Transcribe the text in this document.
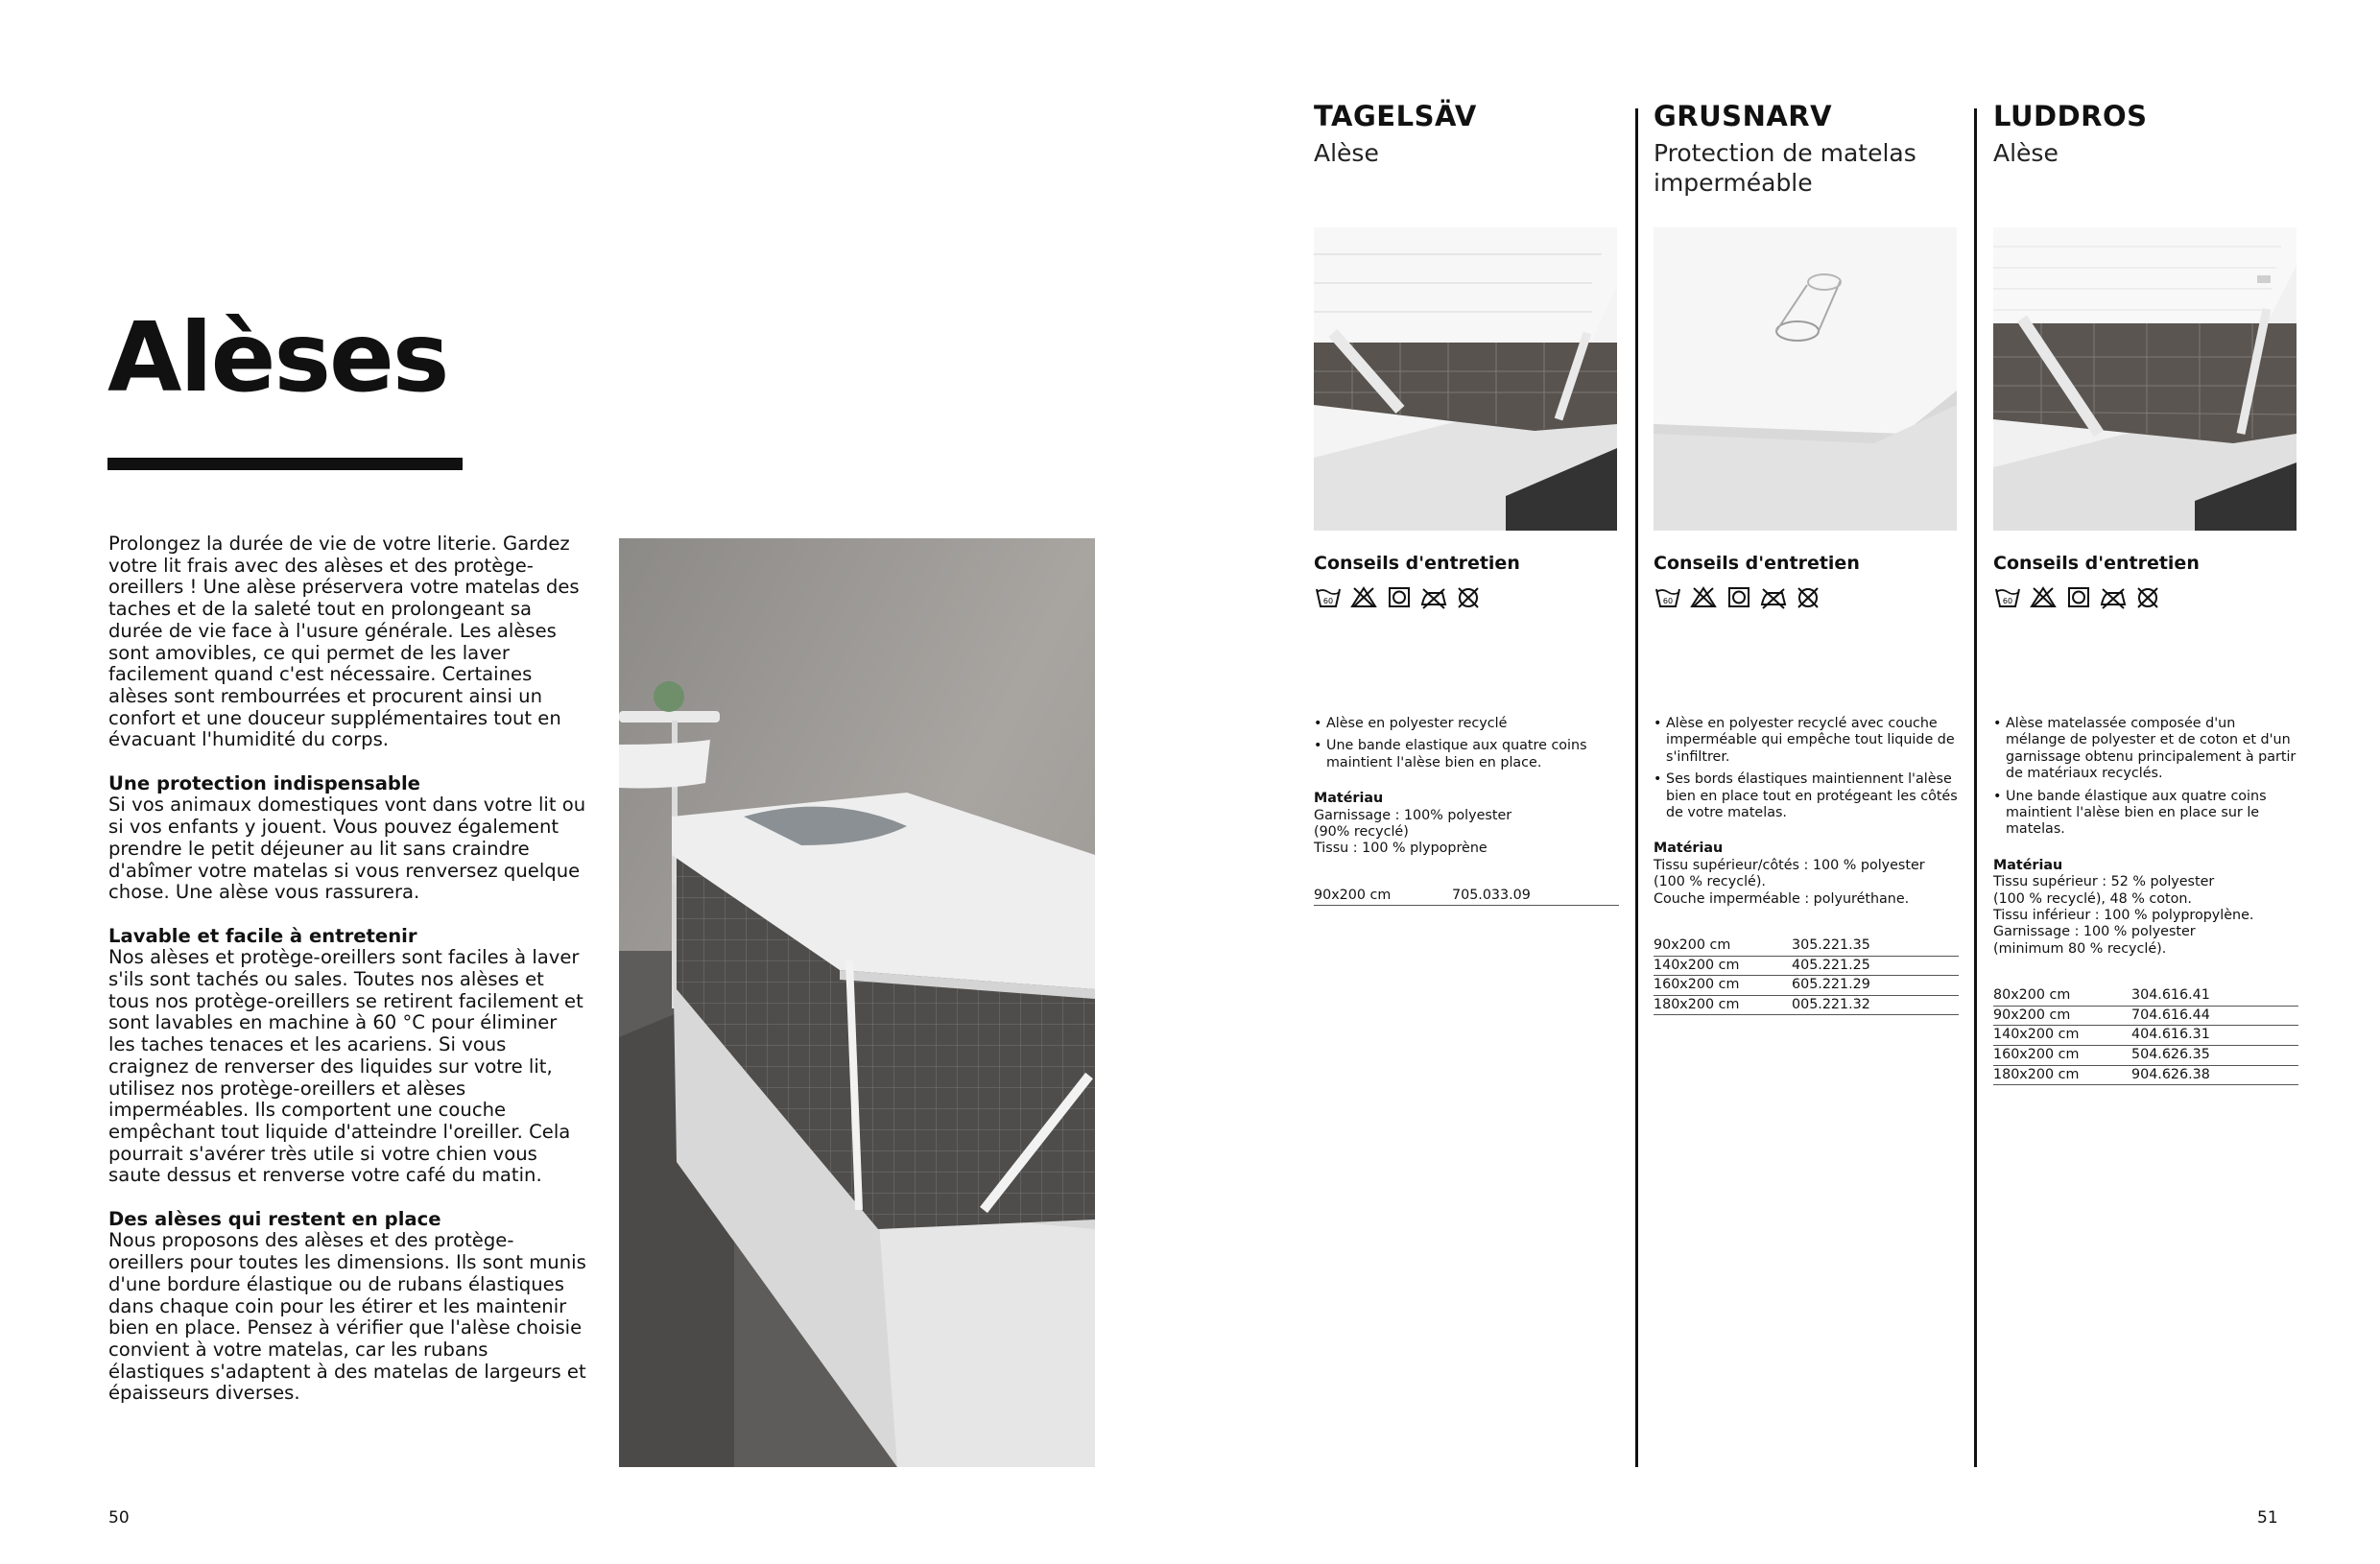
Alèses

Prolongez la durée de vie de votre literie. Gardez votre lit frais avec des alèses et des protège-oreillers ! Une alèse préservera votre matelas des taches et de la saleté tout en prolongeant sa durée de vie face à l'usure générale. Les alèses sont amovibles, ce qui permet de les laver facilement quand c'est nécessaire. Certaines alèses sont rembourrées et procurent ainsi un confort et une douceur supplémentaires tout en évacuant l'humidité du corps.

Une protection indispensable
Si vos animaux domestiques vont dans votre lit ou si vos enfants y jouent. Vous pouvez également prendre le petit déjeuner au lit sans craindre d'abîmer votre matelas si vous renversez quelque chose. Une alèse vous rassurera.

Lavable et facile à entretenir
Nos alèses et protège-oreillers sont faciles à laver s'ils sont tachés ou sales. Toutes nos alèses et tous nos protège-oreillers se retirent facilement et sont lavables en machine à 60 °C pour éliminer les taches tenaces et les acariens. Si vous craignez de renverser des liquides sur votre lit, utilisez nos protège-oreillers et alèses imperméables. Ils comportent une couche empêchant tout liquide d'atteindre l'oreiller. Cela pourrait s'avérer très utile si votre chien vous saute dessus et renverse votre café du matin.

Des alèses qui restent en place
Nous proposons des alèses et des protège-oreillers pour toutes les dimensions. Ils sont munis d'une bordure élastique ou de rubans élastiques dans chaque coin pour les étirer et les maintenir bien en place. Pensez à vérifier que l'alèse choisie convient à votre matelas, car les rubans élastiques s'adaptent à des matelas de largeurs et épaisseurs diverses.

50
TAGELSÄV
Alèse
Conseils d'entretien
60
• Alèse en polyester recyclé
• Une bande elastique aux quatre coins maintient l'alèse bien en place.
Matériau
Garnissage : 100% polyester
(90% recyclé)
Tissu : 100 % plypoprène
90x200 cm	705.033.09
GRUSNARV
Protection de matelas imperméable
Conseils d'entretien
60
• Alèse en polyester recyclé avec couche imperméable qui empêche tout liquide de s'infiltrer.
• Ses bords élastiques maintiennent l'alèse bien en place tout en protégeant les côtés de votre matelas.
Matériau
Tissu supérieur/côtés : 100 % polyester
(100 % recyclé).
Couche imperméable : polyuréthane.
90x200 cm	305.221.35
140x200 cm	405.221.25
160x200 cm	605.221.29
180x200 cm	005.221.32
LUDDROS
Alèse
Conseils d'entretien
60
• Alèse matelassée composée d'un mélange de polyester et de coton et d'un garnissage obtenu principalement à partir de matériaux recyclés.
• Une bande élastique aux quatre coins maintient l'alèse bien en place sur le matelas.
Matériau
Tissu supérieur : 52 % polyester
(100 % recyclé), 48 % coton.
Tissu inférieur : 100 % polypropylène.
Garnissage : 100 % polyester
(minimum 80 % recyclé).
80x200 cm	304.616.41
90x200 cm	704.616.44
140x200 cm	404.616.31
160x200 cm	504.626.35
180x200 cm	904.626.38
51
